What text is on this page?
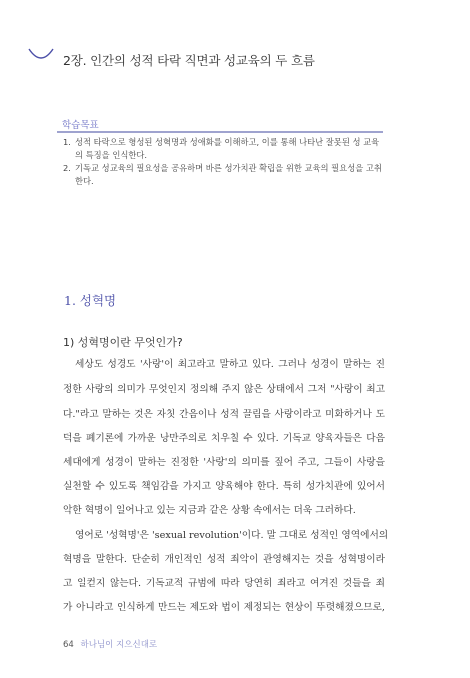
2장. 인간의 성적 타락 직면과 성교육의 두 흐름
학습목표
1. 성적 타락으로 형성된 성혁명과 성애화를 이해하고, 이를 통해 나타난 잘못된 성 교육의 특징을 인식한다.
2. 기독교 성교육의 필요성을 공유하며 바른 성가치관 확립을 위한 교육의 필요성을 고취한다.
1. 성혁명
1) 성혁명이란 무엇인가?
세상도 성경도 '사랑'이 최고라고 말하고 있다. 그러나 성경이 말하는 진
정한 사랑의 의미가 무엇인지 정의해 주지 않은 상태에서 그저 "사랑이 최고
다."라고 말하는 것은 자칫 간음이나 성적 끌림을 사랑이라고 미화하거나 도
덕을 폐기론에 가까운 낭만주의로 치우칠 수 있다. 기독교 양육자들은 다음
세대에게 성경이 말하는 진정한 '사랑'의 의미를 짚어 주고, 그들이 사랑을
실천할 수 있도록 책임감을 가지고 양육해야 한다. 특히 성가치관에 있어서
악한 혁명이 일어나고 있는 지금과 같은 상황 속에서는 더욱 그러하다.
영어로 '성혁명'은 'sexual revolution'이다. 말 그대로 성적인 영역에서의
혁명을 말한다. 단순히 개인적인 성적 죄악이 관영해지는 것을 성혁명이라
고 일컫지 않는다. 기독교적 규범에 따라 당연히 죄라고 여겨진 것들을 죄
가 아니라고 인식하게 만드는 제도와 법이 제정되는 현상이 뚜렷해졌으므로,
64 하나님이 지으신대로
